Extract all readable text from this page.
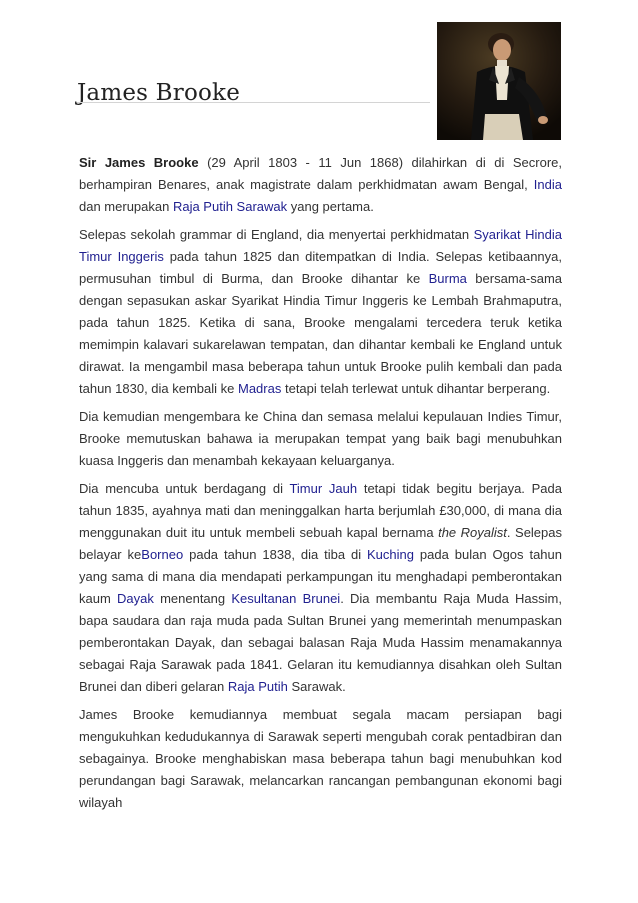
James Brooke

Sir James Brooke (29 April 1803 - 11 Jun 1868) dilahirkan di di Secrore, berhampiran Benares, anak magistrate dalam perkhidmatan awam Bengal, India dan merupakan Raja Putih Sarawak yang pertama.

Selepas sekolah grammar di England, dia menyertai perkhidmatan Syarikat Hindia Timur Inggeris pada tahun 1825 dan ditempatkan di India. Selepas ketibaannya, permusuhan timbul di Burma, dan Brooke dihantar ke Burma bersama-sama dengan sepasukan askar Syarikat Hindia Timur Inggeris ke Lembah Brahmaputra, pada tahun 1825. Ketika di sana, Brooke mengalami tercedera teruk ketika memimpin kalavari sukarelawan tempatan, dan dihantar kembali ke England untuk dirawat. Ia mengambil masa beberapa tahun untuk Brooke pulih kembali dan pada tahun 1830, dia kembali ke Madras tetapi telah terlewat untuk dihantar berperang.

Dia kemudian mengembara ke China dan semasa melalui kepulauan Indies Timur, Brooke memutuskan bahawa ia merupakan tempat yang baik bagi menubuhkan kuasa Inggeris dan menambah kekayaan keluarganya.

Dia mencuba untuk berdagang di Timur Jauh tetapi tidak begitu berjaya. Pada tahun 1835, ayahnya mati dan meninggalkan harta berjumlah £30,000, di mana dia menggunakan duit itu untuk membeli sebuah kapal bernama the Royalist. Selepas belayar keBorneo pada tahun 1838, dia tiba di Kuching pada bulan Ogos tahun yang sama di mana dia mendapati perkampungan itu menghadapi pemberontakan kaum Dayak menentang Kesultanan Brunei. Dia membantu Raja Muda Hassim, bapa saudara dan raja muda pada Sultan Brunei yang memerintah menumpaskan pemberontakan Dayak, dan sebagai balasan Raja Muda Hassim menamakannya sebagai Raja Sarawak pada 1841. Gelaran itu kemudiannya disahkan oleh Sultan Brunei dan diberi gelaran Raja Putih Sarawak.

James Brooke kemudiannya membuat segala macam persiapan bagi mengukuhkan kedudukannya di Sarawak seperti mengubah corak pentadbiran dan sebagainya. Brooke menghabiskan masa beberapa tahun bagi menubuhkan kod perundangan bagi Sarawak, melancarkan rancangan pembangunan ekonomi bagi wilayah
